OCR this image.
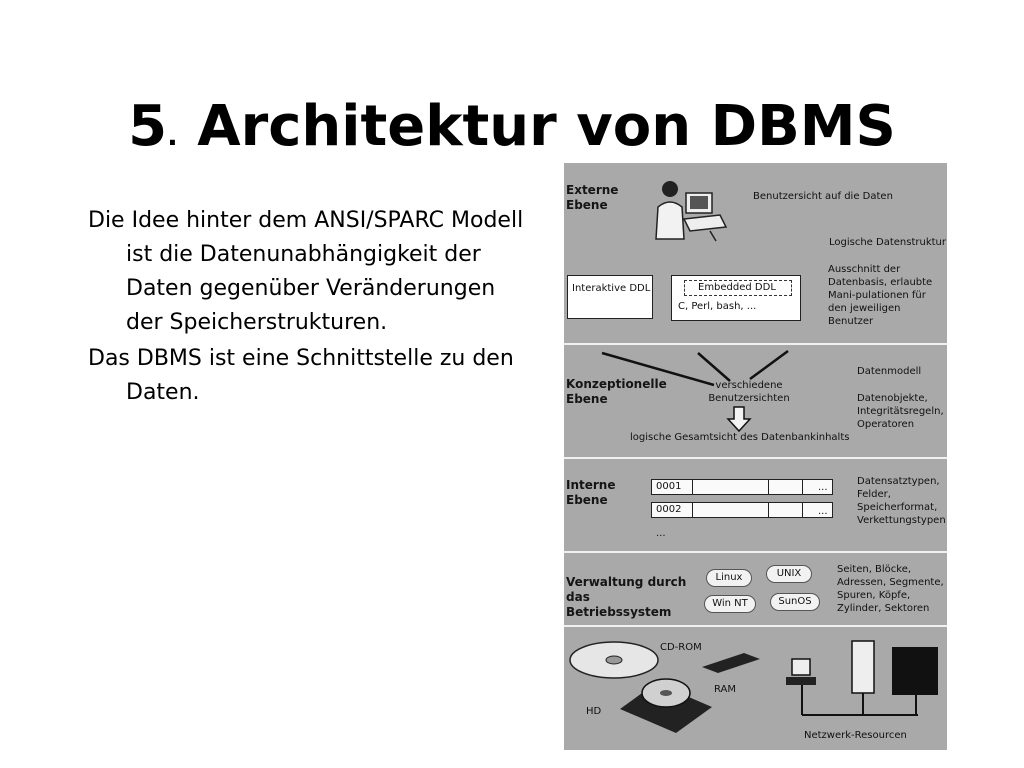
5. Architektur von DBMS

Die Idee hinter dem ANSI/SPARC Modell ist die Datenunabhängigkeit der Daten gegenüber Veränderungen der Speicherstrukturen.

Das DBMS ist eine Schnittstelle zu den Daten.

Externe Ebene
Benutzersicht auf die Daten
Logische Datenstruktur
Interaktive DDL	Embedded DDL
C, Perl, bash, ...
Ausschnitt der Datenbasis, erlaubte Mani-pulationen für den jeweiligen Benutzer
Konzeptionelle Ebene
verschiedene Benutzersichten
logische Gesamtsicht des Datenbankinhalts
Datenmodell
Datenobjekte, Integritätsregeln, Operatoren
Interne Ebene
0001	...
0002	...
...
Datensatztypen, Felder, Speicherformat, Verkettungstypen
Verwaltung durch das Betriebssystem
Linux	UNIX
Win NT	SunOS
Seiten, Blöcke, Adressen, Segmente, Spuren, Köpfe, Zylinder, Sektoren
CD-ROM
RAM
HD
Netzwerk-Resourcen
